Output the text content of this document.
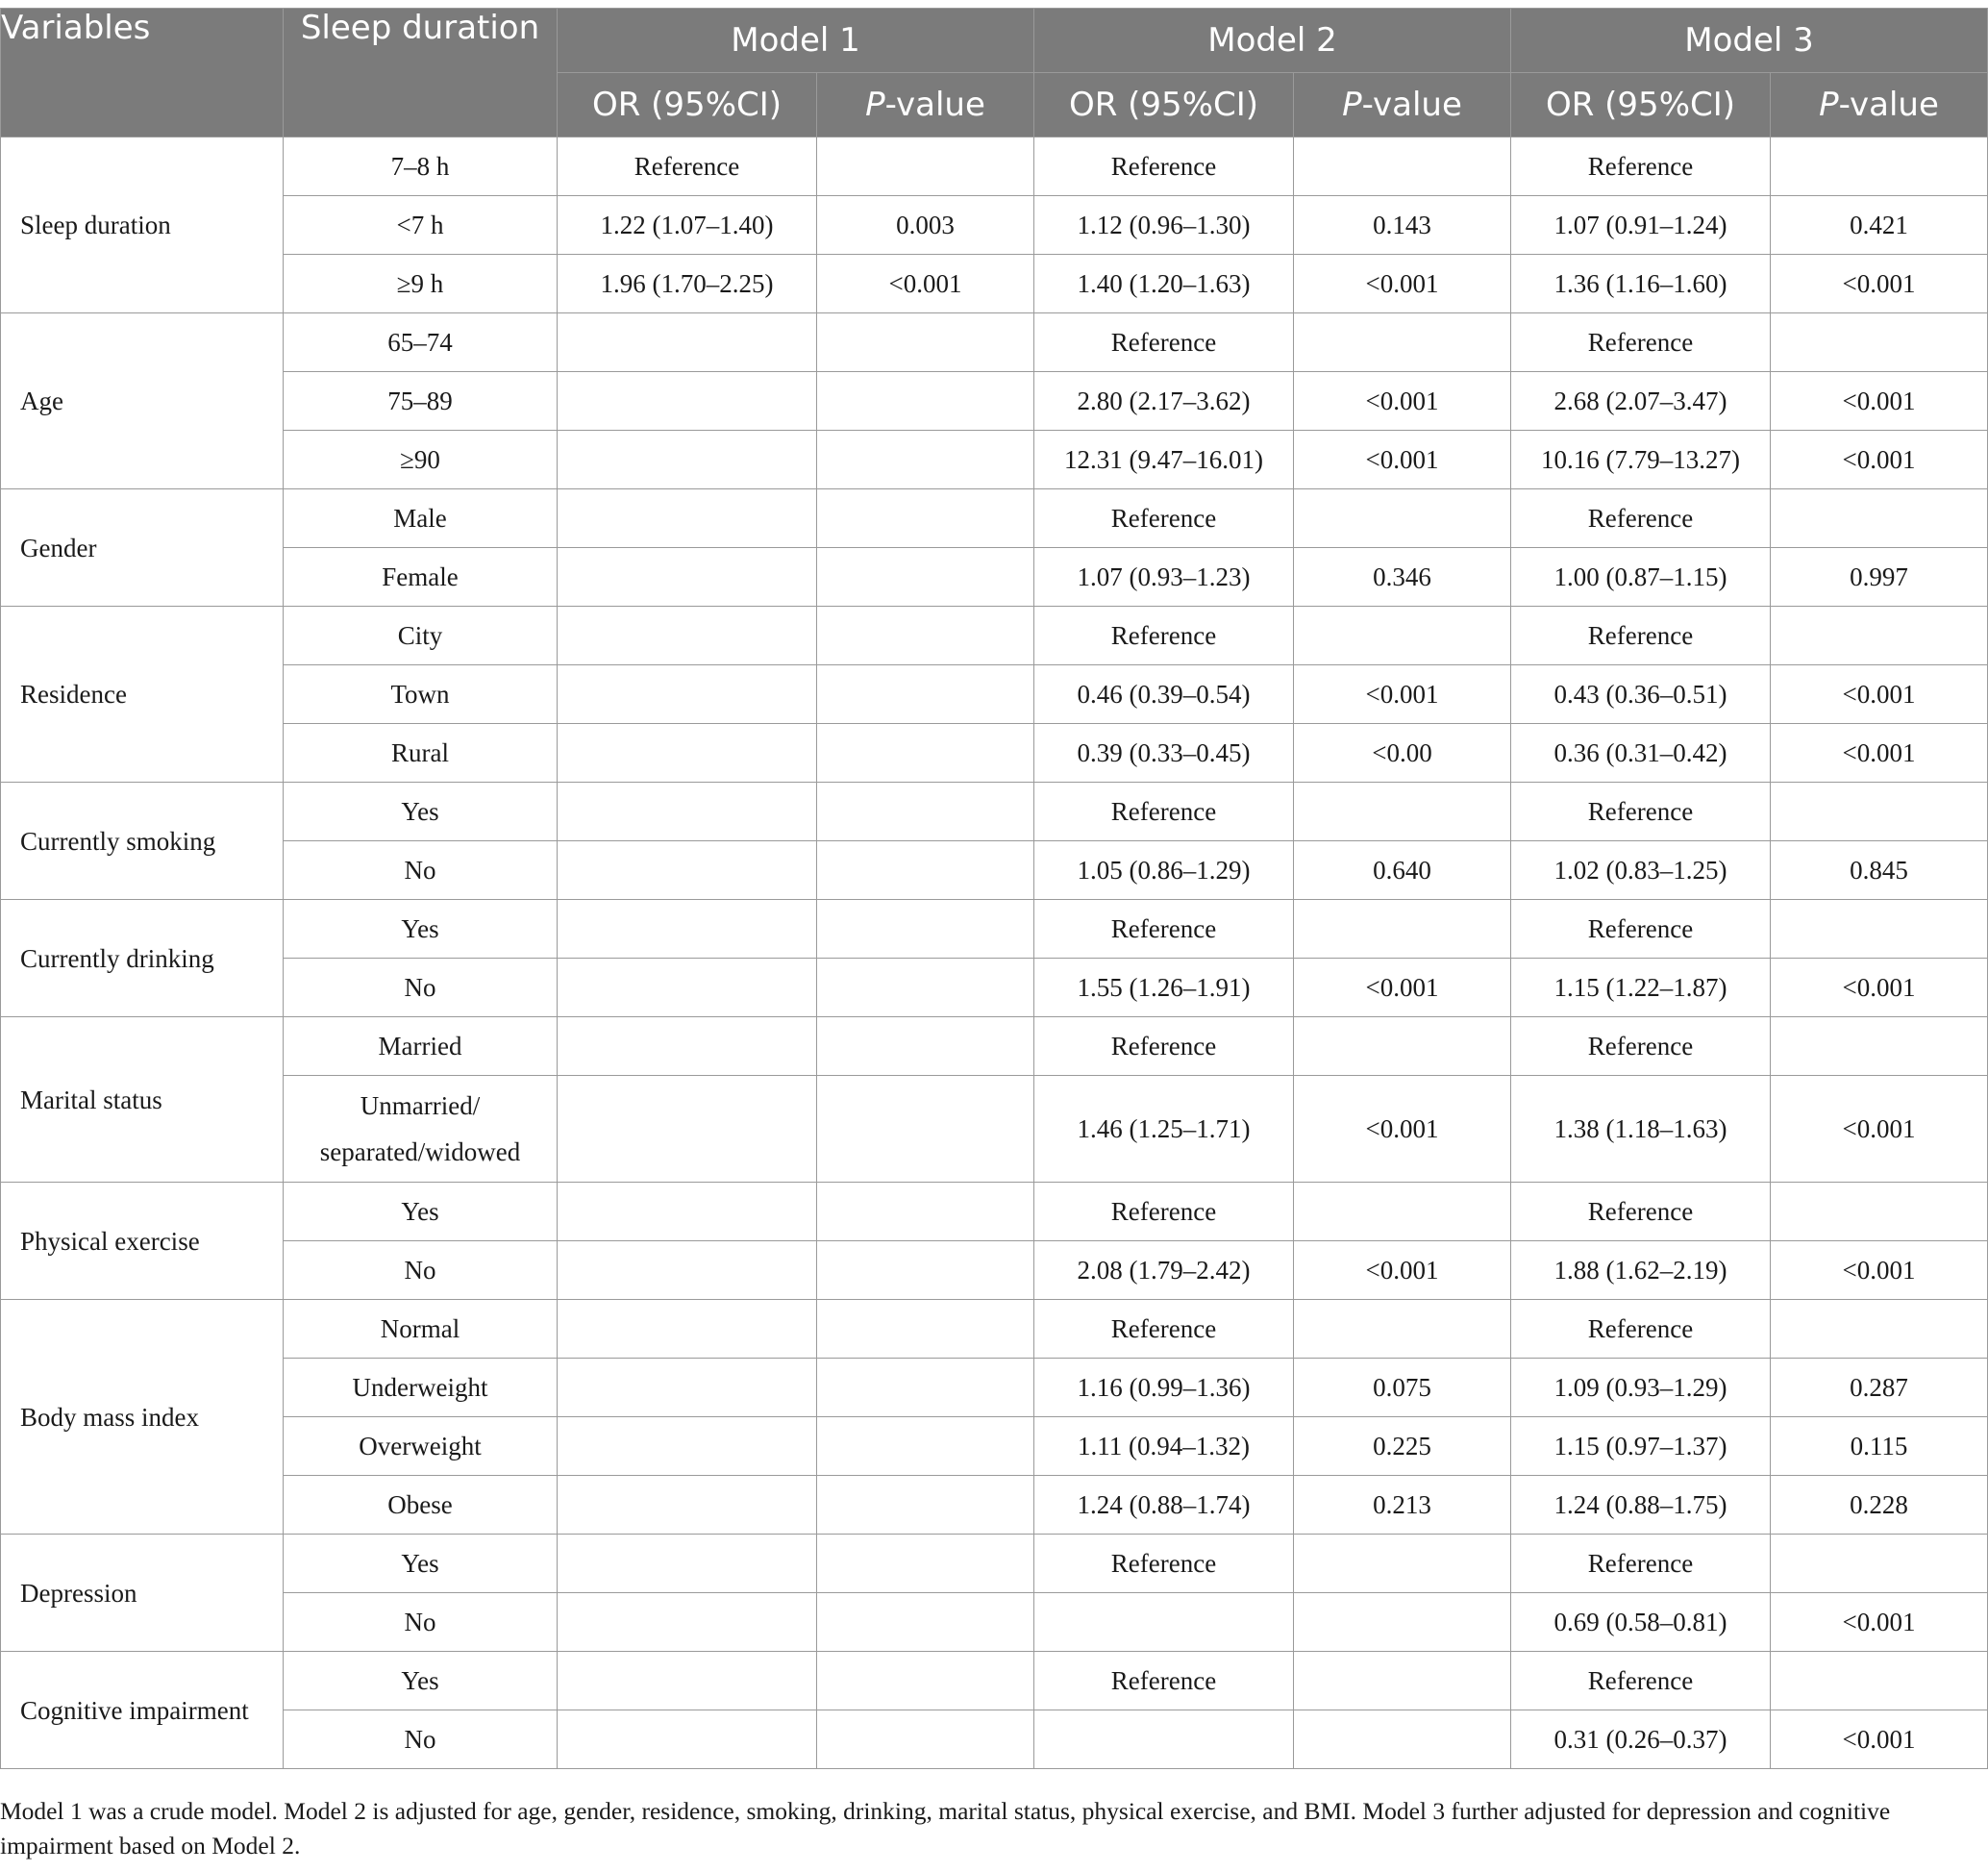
Variables	Sleep duration	Model 1		Model 2		Model 3	
		OR (95%CI)	P-value	OR (95%CI)	P-value	OR (95%CI)	P-value
Sleep duration	7–8 h	Reference		Reference		Reference	
	<7 h	1.22 (1.07–1.40)	0.003	1.12 (0.96–1.30)	0.143	1.07 (0.91–1.24)	0.421
	≥9 h	1.96 (1.70–2.25)	<0.001	1.40 (1.20–1.63)	<0.001	1.36 (1.16–1.60)	<0.001
Age	65–74			Reference		Reference	
	75–89			2.80 (2.17–3.62)	<0.001	2.68 (2.07–3.47)	<0.001
	≥90			12.31 (9.47–16.01)	<0.001	10.16 (7.79–13.27)	<0.001
Gender	Male			Reference		Reference	
	Female			1.07 (0.93–1.23)	0.346	1.00 (0.87–1.15)	0.997
Residence	City			Reference		Reference	
	Town			0.46 (0.39–0.54)	<0.001	0.43 (0.36–0.51)	<0.001
	Rural			0.39 (0.33–0.45)	<0.00	0.36 (0.31–0.42)	<0.001
Currently smoking	Yes			Reference		Reference	
	No			1.05 (0.86–1.29)	0.640	1.02 (0.83–1.25)	0.845
Currently drinking	Yes			Reference		Reference	
	No			1.55 (1.26–1.91)	<0.001	1.15 (1.22–1.87)	<0.001
Marital status	Married			Reference		Reference	
	Unmarried/ separated/widowed			1.46 (1.25–1.71)	<0.001	1.38 (1.18–1.63)	<0.001
Physical exercise	Yes			Reference		Reference	
	No			2.08 (1.79–2.42)	<0.001	1.88 (1.62–2.19)	<0.001
Body mass index	Normal			Reference		Reference	
	Underweight			1.16 (0.99–1.36)	0.075	1.09 (0.93–1.29)	0.287
	Overweight			1.11 (0.94–1.32)	0.225	1.15 (0.97–1.37)	0.115
	Obese			1.24 (0.88–1.74)	0.213	1.24 (0.88–1.75)	0.228
Depression	Yes			Reference		Reference	
	No					0.69 (0.58–0.81)	<0.001
Cognitive impairment	Yes			Reference		Reference	
	No					0.31 (0.26–0.37)	<0.001
Model 1 was a crude model. Model 2 is adjusted for age, gender, residence, smoking, drinking, marital status, physical exercise, and BMI. Model 3 further adjusted for depression and cognitive impairment based on Model 2.
